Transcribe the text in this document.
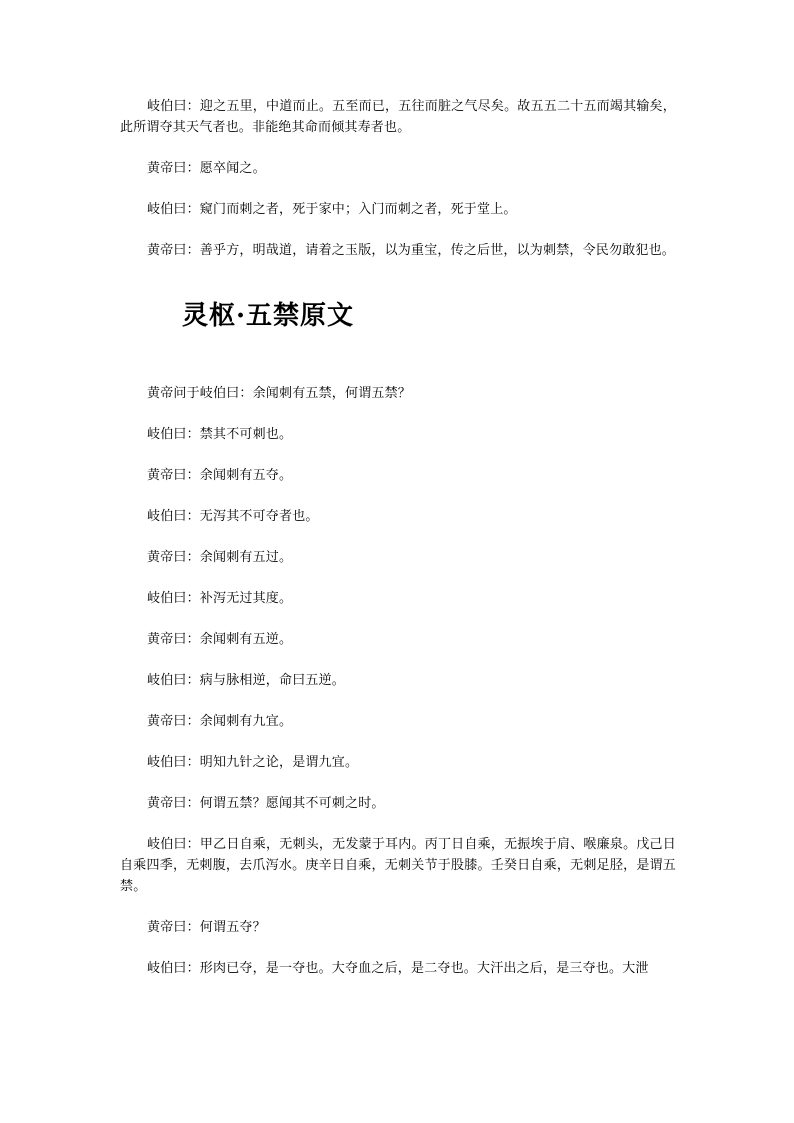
岐伯曰：迎之五里，中道而止。五至而已，五往而脏之气尽矣。故五五二十五而竭其输矣，此所谓夺其天气者也。非能绝其命而倾其寿者也。

黄帝曰：愿卒闻之。

岐伯曰：窥门而刺之者，死于家中；入门而刺之者，死于堂上。

黄帝曰：善乎方，明哉道，请着之玉版，以为重宝，传之后世，以为刺禁，令民勿敢犯也。

灵枢·五禁原文

黄帝问于岐伯曰：余闻刺有五禁，何谓五禁？

岐伯曰：禁其不可刺也。

黄帝曰：余闻刺有五夺。

岐伯曰：无泻其不可夺者也。

黄帝曰：余闻刺有五过。

岐伯曰：补泻无过其度。

黄帝曰：余闻刺有五逆。

岐伯曰：病与脉相逆，命曰五逆。

黄帝曰：余闻刺有九宜。

岐伯曰：明知九针之论，是谓九宜。

黄帝曰：何谓五禁？愿闻其不可刺之时。

岐伯曰：甲乙日自乘，无刺头，无发蒙于耳内。丙丁日自乘，无振埃于肩、喉廉泉。戊己日自乘四季，无刺腹，去爪泻水。庚辛日自乘，无刺关节于股膝。壬癸日自乘，无刺足胫，是谓五禁。

黄帝曰：何谓五夺？

岐伯曰：形肉已夺，是一夺也。大夺血之后，是二夺也。大汗出之后，是三夺也。大泄
